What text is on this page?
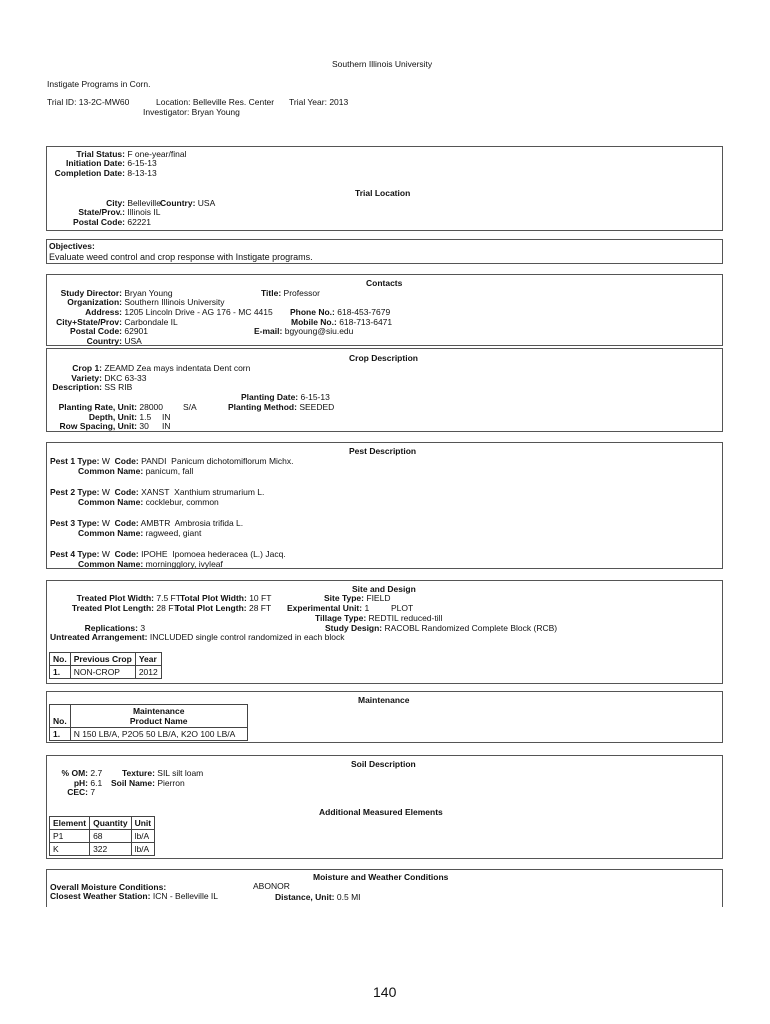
Southern Illinois University
Instigate Programs in Corn.
Trial ID: 13-2C-MW60	Location: Belleville Res. Center Trial Year: 2013
Investigator: Bryan Young
Trial Status: F one-year/final
Initiation Date: 6-15-13
Completion Date: 8-13-13
Trial Location
City: Belleville Country: USA
State/Prov.: Illinois IL
Postal Code: 62221
Objectives:
Evaluate weed control and crop response with Instigate programs.
Contacts
Study Director: Bryan Young	Title: Professor
Organization: Southern Illinois University
Address: 1205 Lincoln Drive - AG 176 - MC 4415 Phone No.: 618-453-7679
City+State/Prov: Carbondale IL	Mobile No.: 618-713-6471
Postal Code: 62901	E-mail: bgyoung@siu.edu
Country: USA
Crop Description
Crop 1: ZEAMD Zea mays indentata Dent corn
Variety: DKC 63-33
Description: SS RIB
Planting Date: 6-15-13
Planting Rate, Unit: 28000 S/A	Planting Method: SEEDED
Depth, Unit: 1.5 IN
Row Spacing, Unit: 30 IN
Pest Description
Pest 1 Type: W Code: PANDI Panicum dichotomiflorum Michx.
Common Name: panicum, fall
Pest 2 Type: W Code: XANST Xanthium strumarium L.
Common Name: cocklebur, common
Pest 3 Type: W Code: AMBTR Ambrosia trifida L.
Common Name: ragweed, giant
Pest 4 Type: W Code: IPOHE Ipomoea hederacea (L.) Jacq.
Common Name: morningglory, ivyleaf
Site and Design
Treated Plot Width: 7.5 FT Total Plot Width: 10 FT	Site Type: FIELD
Treated Plot Length: 28 FT
Total Plot Length: 28 FT Experimental Unit: 1	PLOT
Tillage Type: REDTIL reduced-till
Replications: 3	Study Design: RACOBL Randomized Complete Block (RCB)
Untreated Arrangement: INCLUDED single control randomized in each block
No.	Previous Crop	Year
1.	NON-CROP	2012
Maintenance
No.	Maintenance
Product Name

1.	N 150 LB/A, P2O5 50 LB/A, K2O 100 LB/A
Soil Description
% OM: 2.7 Texture: SIL silt loam
pH: 6.1 Soil Name: Pierron
CEC: 7
Additional Measured Elements
Element	Quantity	Unit
P1	68	lb/A
K	322	lb/A
Moisture and Weather Conditions
Overall Moisture Conditions:	ABONOR
Closest Weather Station: ICN - Belleville IL	Distance, Unit: 0.5 MI
140
